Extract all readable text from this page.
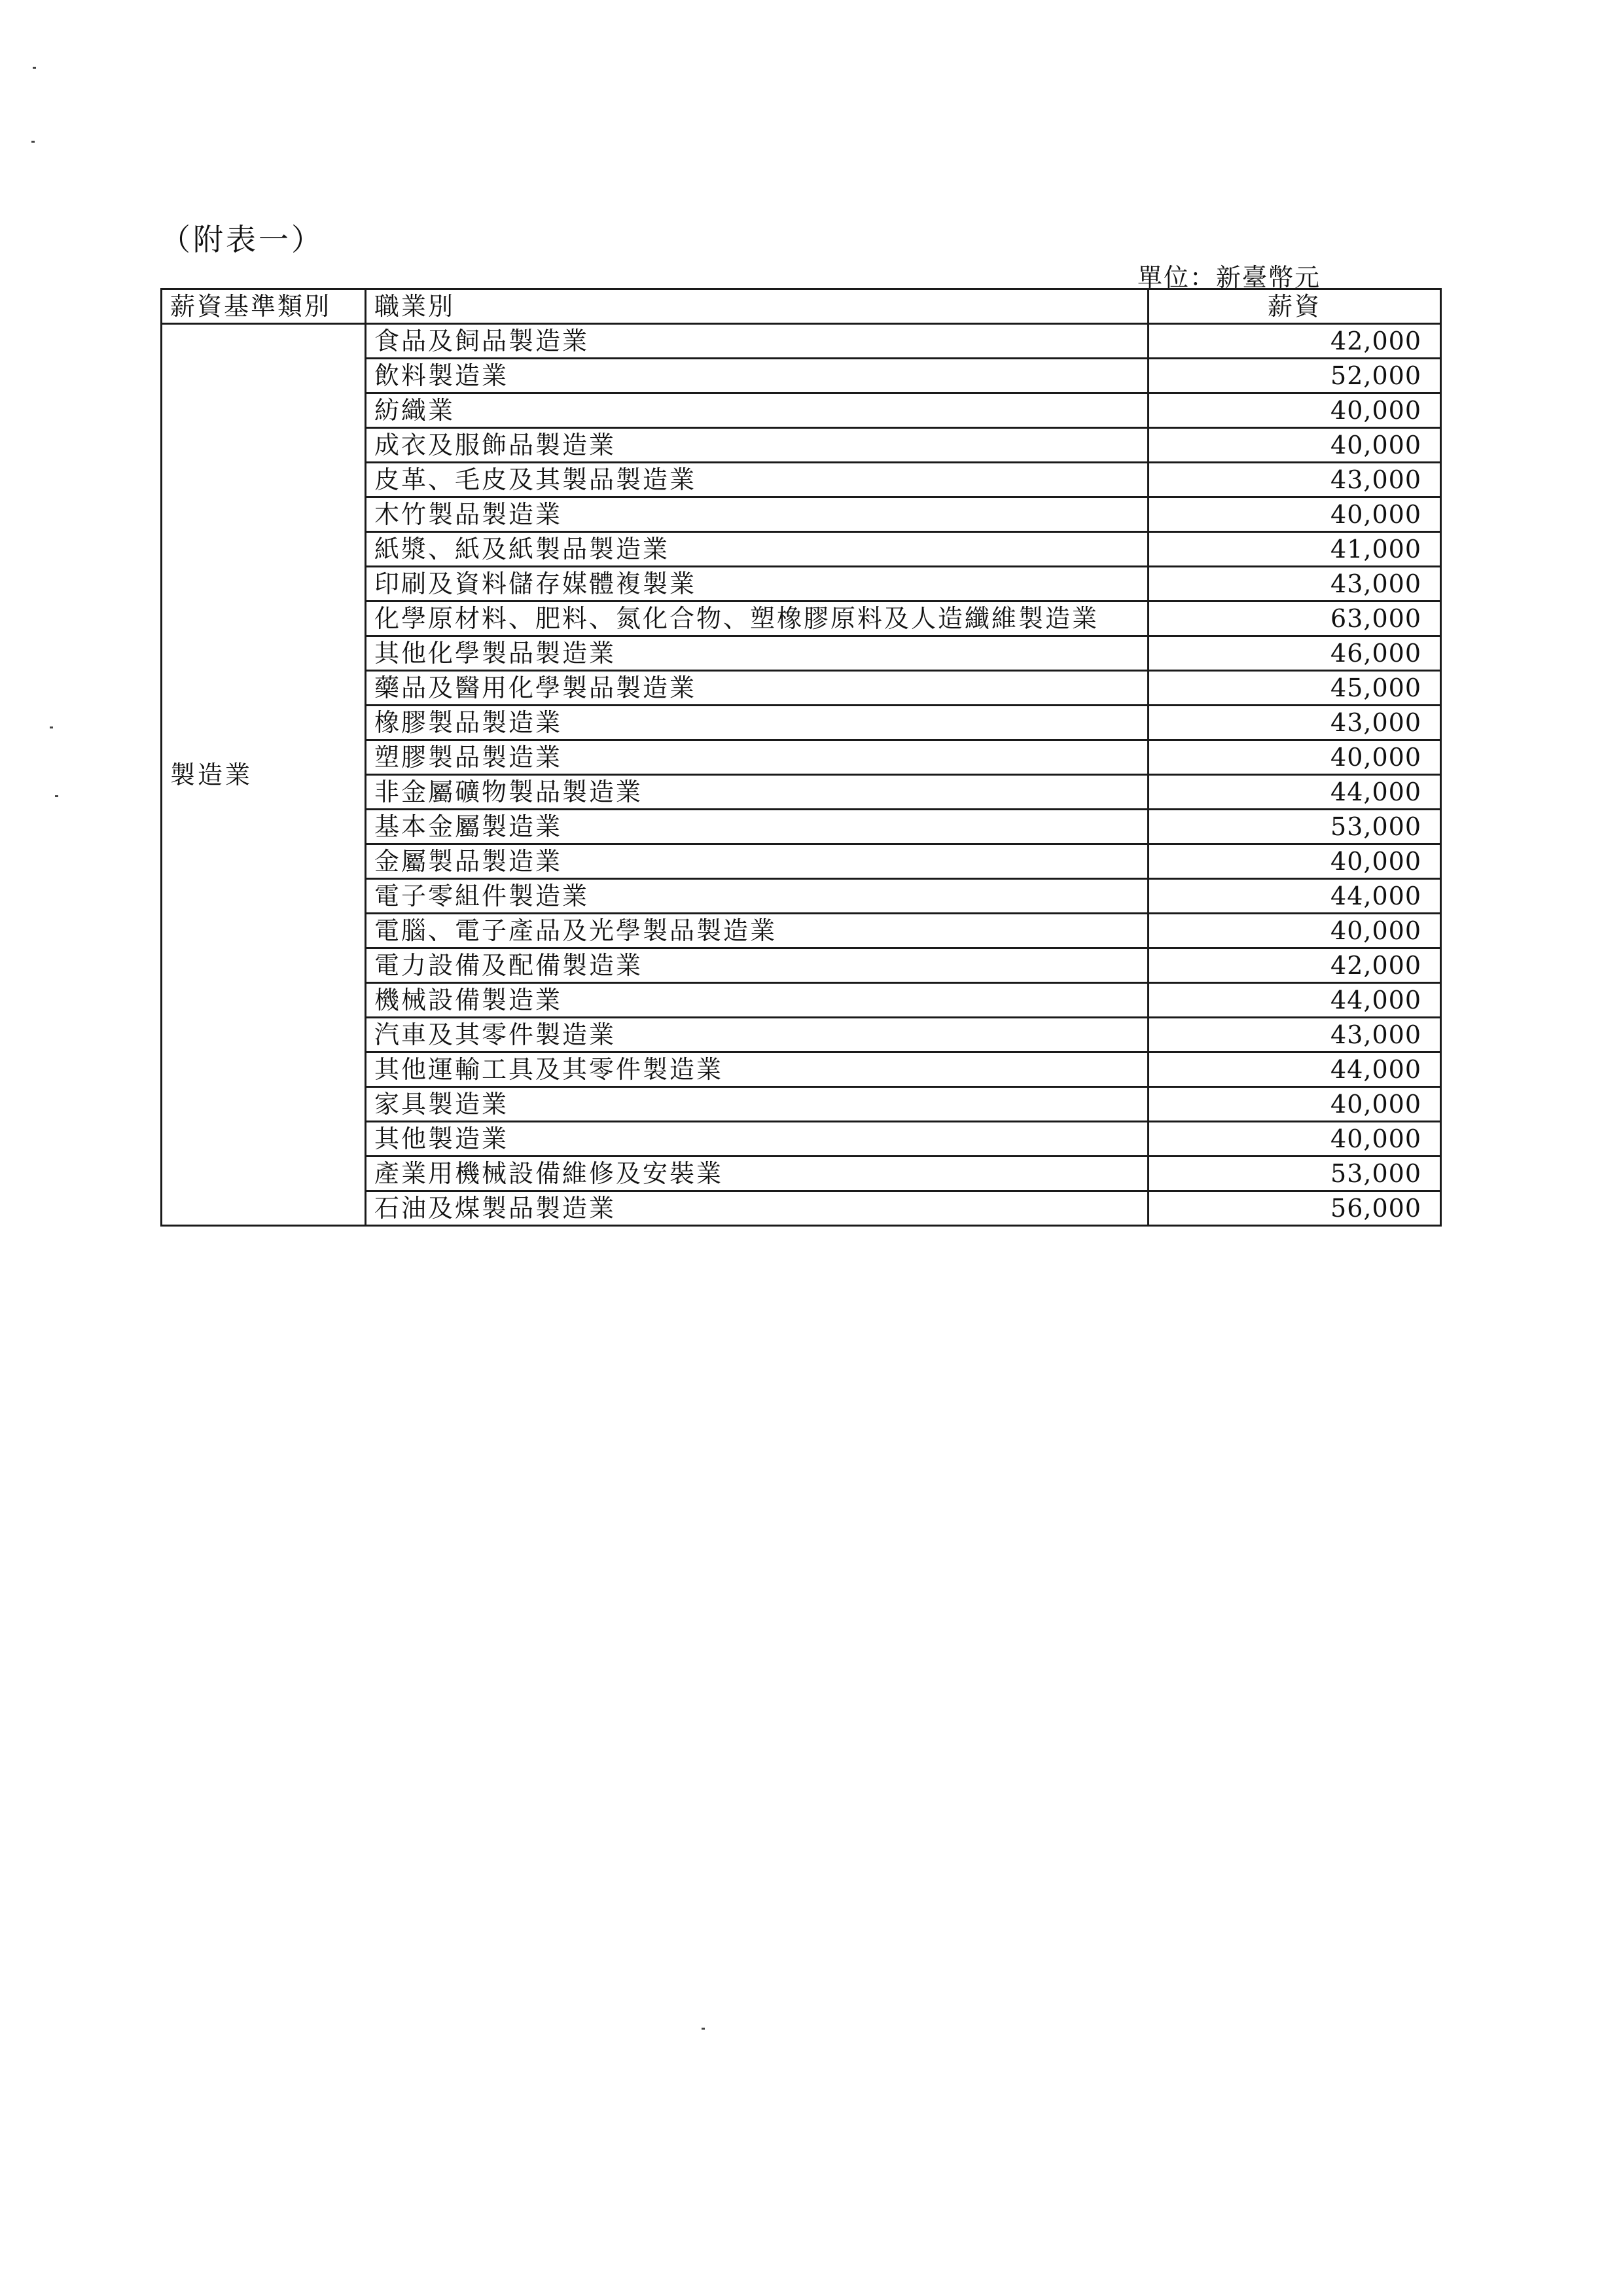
（附表一）
單位：新臺幣元
薪資基準類別	職業別	薪資
製造業	食品及飼品製造業	42,000
	飲料製造業	52,000
	紡織業	40,000
	成衣及服飾品製造業	40,000
	皮革、毛皮及其製品製造業	43,000
	木竹製品製造業	40,000
	紙漿、紙及紙製品製造業	41,000
	印刷及資料儲存媒體複製業	43,000
	化學原材料、肥料、氮化合物、塑橡膠原料及人造纖維製造業	63,000
	其他化學製品製造業	46,000
	藥品及醫用化學製品製造業	45,000
	橡膠製品製造業	43,000
	塑膠製品製造業	40,000
	非金屬礦物製品製造業	44,000
	基本金屬製造業	53,000
	金屬製品製造業	40,000
	電子零組件製造業	44,000
	電腦、電子產品及光學製品製造業	40,000
	電力設備及配備製造業	42,000
	機械設備製造業	44,000
	汽車及其零件製造業	43,000
	其他運輸工具及其零件製造業	44,000
	家具製造業	40,000
	其他製造業	40,000
	產業用機械設備維修及安裝業	53,000
	石油及煤製品製造業	56,000
